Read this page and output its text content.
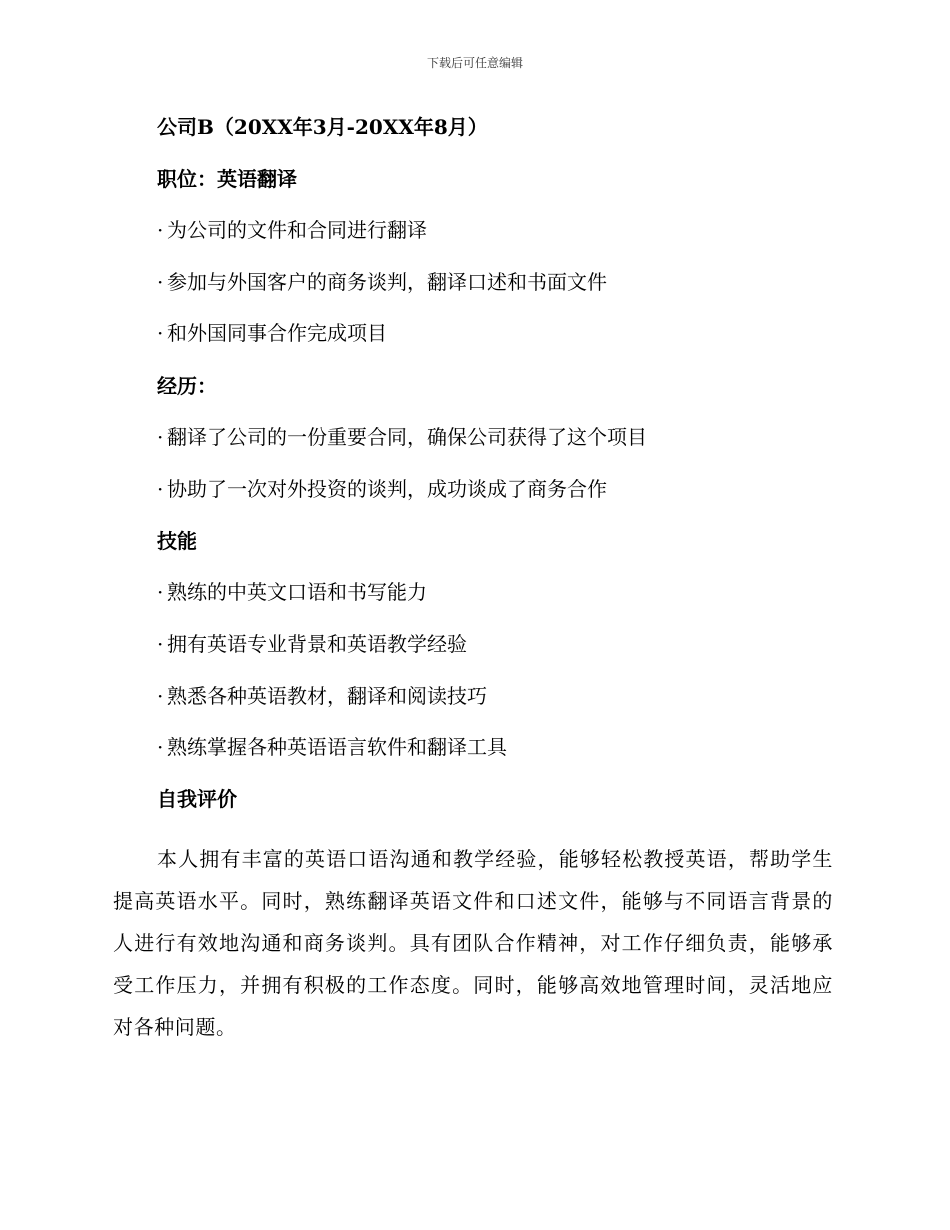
下载后可任意编辑
公司B（20XX年3月-20XX年8月）
职位：英语翻译
· 为公司的文件和合同进行翻译
· 参加与外国客户的商务谈判，翻译口述和书面文件
· 和外国同事合作完成项目
经历：
· 翻译了公司的一份重要合同，确保公司获得了这个项目
· 协助了一次对外投资的谈判，成功谈成了商务合作
技能
· 熟练的中英文口语和书写能力
· 拥有英语专业背景和英语教学经验
· 熟悉各种英语教材，翻译和阅读技巧
· 熟练掌握各种英语语言软件和翻译工具
自我评价
本人拥有丰富的英语口语沟通和教学经验，能够轻松教授英语，帮助学生提高英语水平。同时，熟练翻译英语文件和口述文件，能够与不同语言背景的人进行有效地沟通和商务谈判。具有团队合作精神，对工作仔细负责，能够承受工作压力，并拥有积极的工作态度。同时，能够高效地管理时间，灵活地应对各种问题。
